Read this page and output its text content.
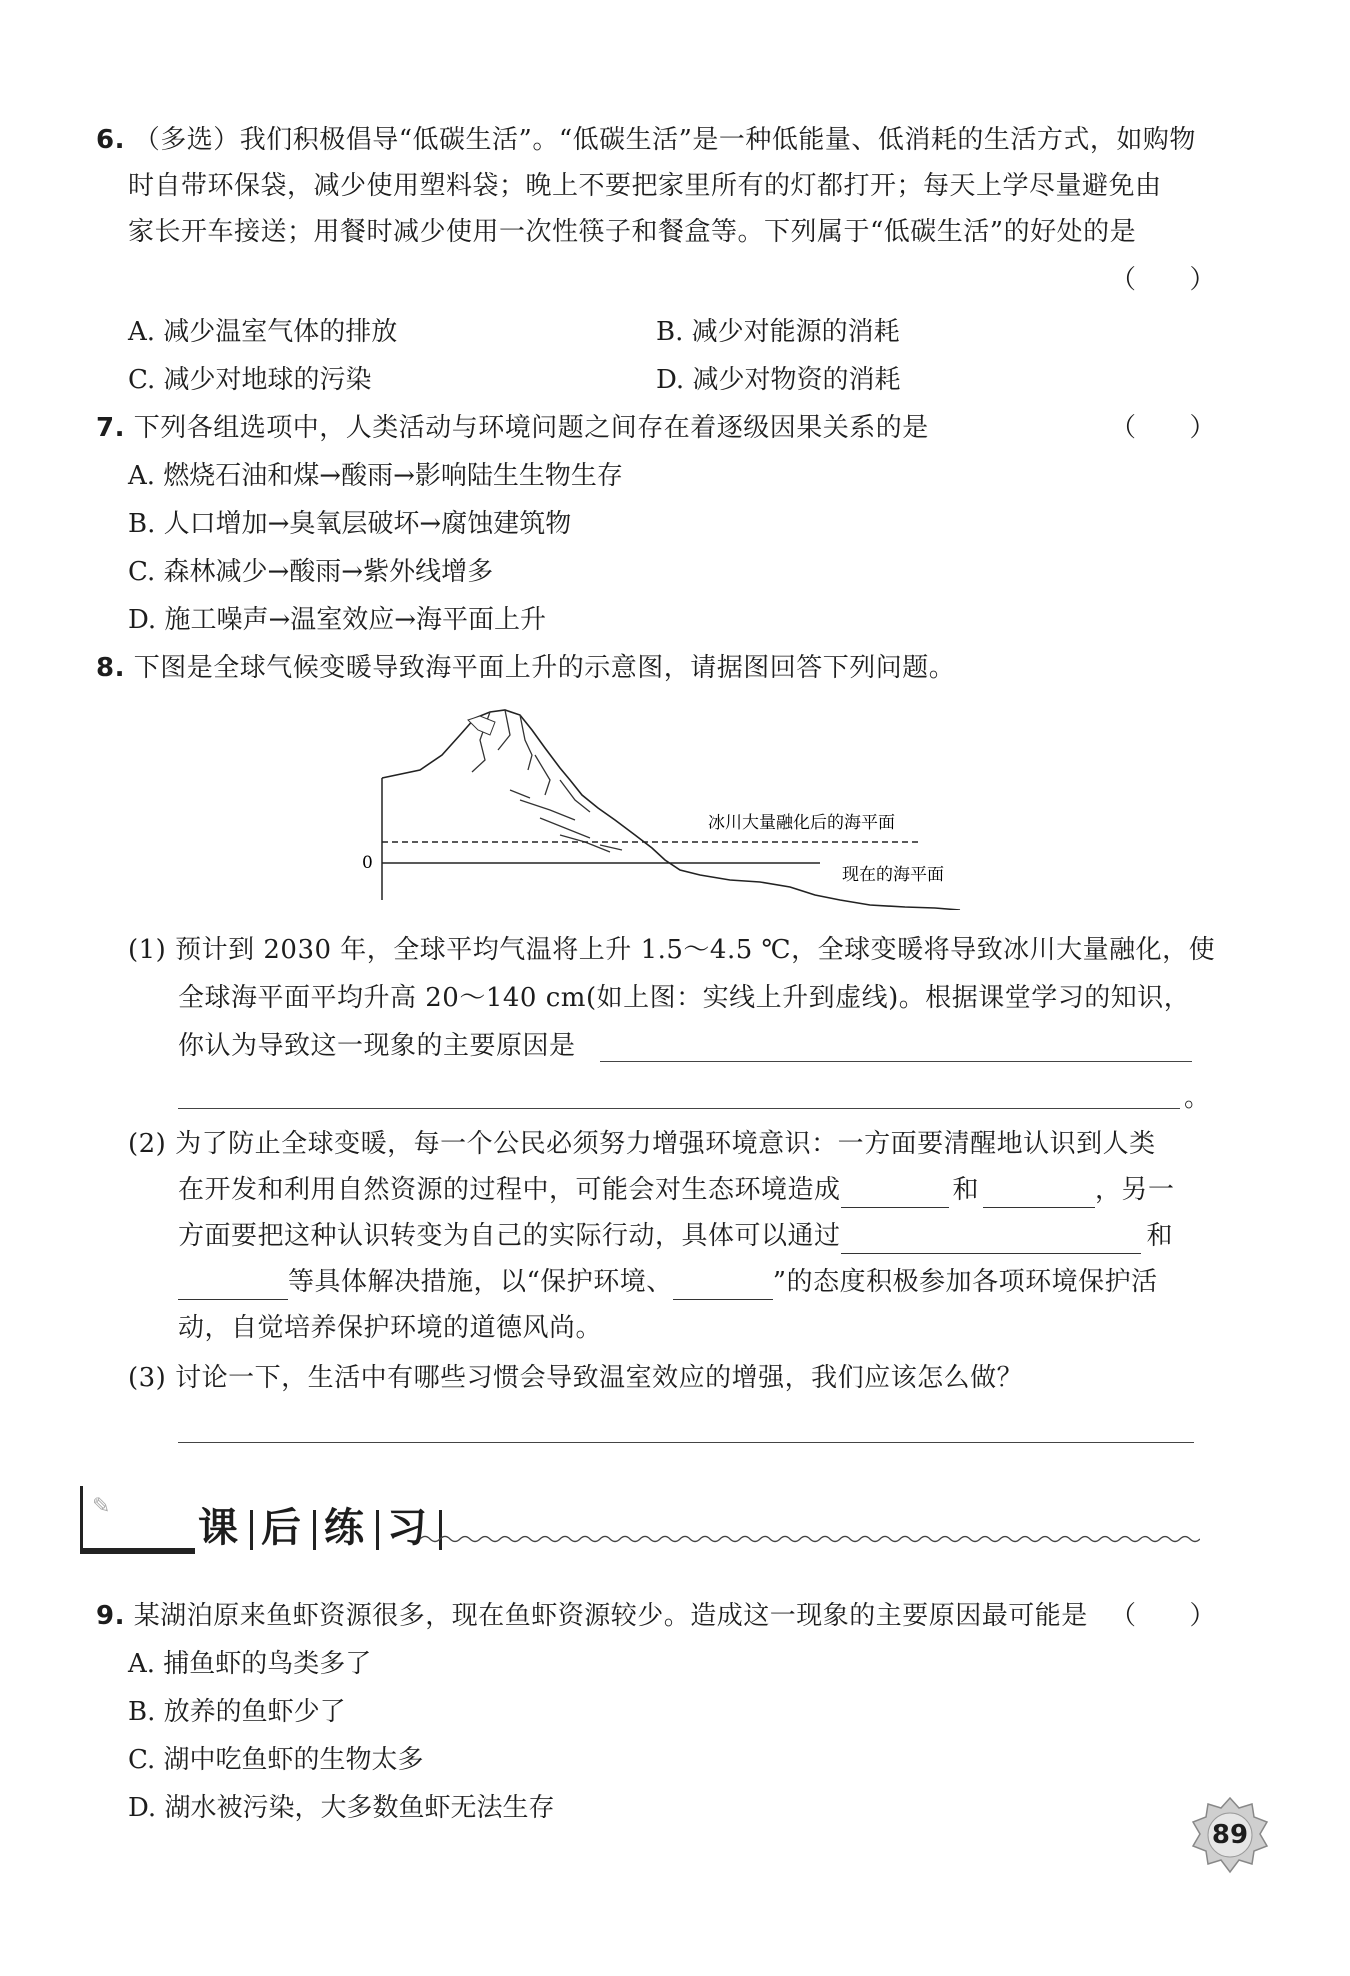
6. （多选）我们积极倡导“低碳生活”。“低碳生活”是一种低能量、低消耗的生活方式，如购物
时自带环保袋，减少使用塑料袋；晚上不要把家里所有的灯都打开；每天上学尽量避免由
家长开车接送；用餐时减少使用一次性筷子和餐盒等。下列属于“低碳生活”的好处的是
（　　）
A. 减少温室气体的排放	B. 减少对能源的消耗
C. 减少对地球的污染	D. 减少对物资的消耗
7. 下列各组选项中，人类活动与环境问题之间存在着逐级因果关系的是	（　　）
A. 燃烧石油和煤→酸雨→影响陆生生物生存
B. 人口增加→臭氧层破坏→腐蚀建筑物
C. 森林减少→酸雨→紫外线增多
D. 施工噪声→温室效应→海平面上升
8. 下图是全球气候变暖导致海平面上升的示意图，请据图回答下列问题。
0
冰川大量融化后的海平面
现在的海平面
(1) 预计到 2030 年，全球平均气温将上升 1.5～4.5 ℃，全球变暖将导致冰川大量融化，使
全球海平面平均升高 20～140 cm(如上图：实线上升到虚线)。根据课堂学习的知识，
你认为导致这一现象的主要原因是
。
(2) 为了防止全球变暖，每一个公民必须努力增强环境意识：一方面要清醒地认识到人类
在开发和利用自然资源的过程中，可能会对生态环境造成	和	，另一
方面要把这种认识转变为自己的实际行动，具体可以通过	和
等具体解决措施，以“保护环境、	”的态度积极参加各项环境保护活
动，自觉培养保护环境的道德风尚。
(3) 讨论一下，生活中有哪些习惯会导致温室效应的增强，我们应该怎么做？
✎ 课 后 练 习
9. 某湖泊原来鱼虾资源很多，现在鱼虾资源较少。造成这一现象的主要原因最可能是 （　　）
A. 捕鱼虾的鸟类多了
B. 放养的鱼虾少了
C. 湖中吃鱼虾的生物太多
D. 湖水被污染，大多数鱼虾无法生存
89
